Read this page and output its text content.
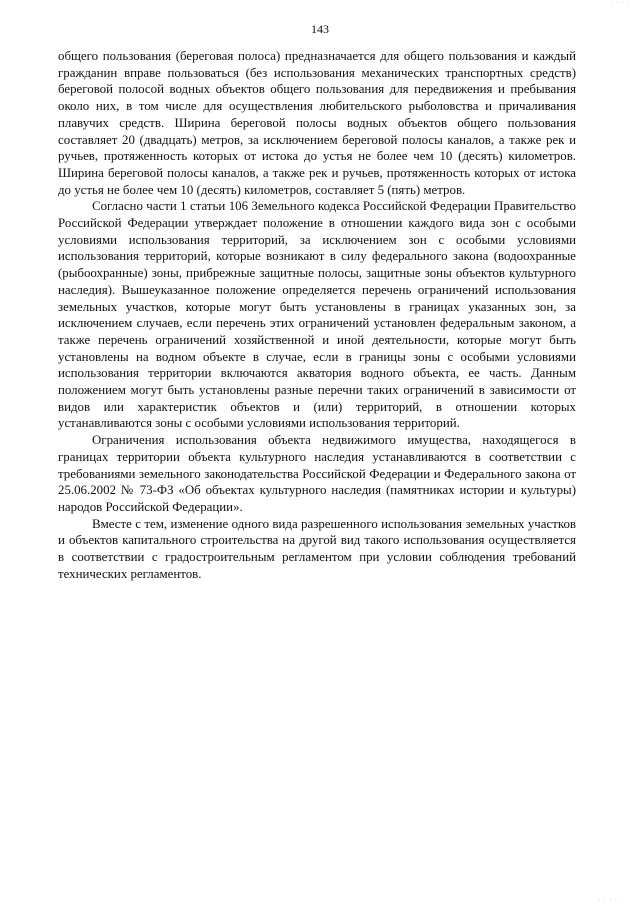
· · · ·
143

общего пользования (береговая полоса) предназначается для общего пользования и каждый гражданин вправе пользоваться (без использования механических транспортных средств) береговой полосой водных объектов общего пользования для передвижения и пребывания около них, в том числе для осуществления любительского рыболовства и причаливания плавучих средств. Ширина береговой полосы водных объектов общего пользования составляет 20 (двадцать) метров, за исключением береговой полосы каналов, а также рек и ручьев, протяженность которых от истока до устья не более чем 10 (десять) километров. Ширина береговой полосы каналов, а также рек и ручьев, протяженность которых от истока до устья не более чем 10 (десять) километров, составляет 5 (пять) метров.

Согласно части 1 статьи 106 Земельного кодекса Российской Федерации Правительство Российской Федерации утверждает положение в отношении каждого вида зон с особыми условиями использования территорий, за исключением зон с особыми условиями использования территорий, которые возникают в силу федерального закона (водоохранные (рыбоохранные) зоны, прибрежные защитные полосы, защитные зоны объектов культурного наследия). Вышеуказанное положение определяется перечень ограничений использования земельных участков, которые могут быть установлены в границах указанных зон, за исключением случаев, если перечень этих ограничений установлен федеральным законом, а также перечень ограничений хозяйственной и иной деятельности, которые могут быть установлены на водном объекте в случае, если в границы зоны с особыми условиями использования территории включаются акватория водного объекта, ее часть. Данным положением могут быть установлены разные перечни таких ограничений в зависимости от видов или характеристик объектов и (или) территорий, в отношении которых устанавливаются зоны с особыми условиями использования территорий.

Ограничения использования объекта недвижимого имущества, находящегося в границах территории объекта культурного наследия устанавливаются в соответствии с требованиями земельного законодательства Российской Федерации и Федерального закона от 25.06.2002 № 73-ФЗ «Об объектах культурного наследия (памятниках истории и культуры) народов Российской Федерации».

Вместе с тем, изменение одного вида разрешенного использования земельных участков и объектов капитального строительства на другой вид такого использования осуществляется в соответствии с градостроительным регламентом при условии соблюдения требований технических регламентов.

· · · ·
